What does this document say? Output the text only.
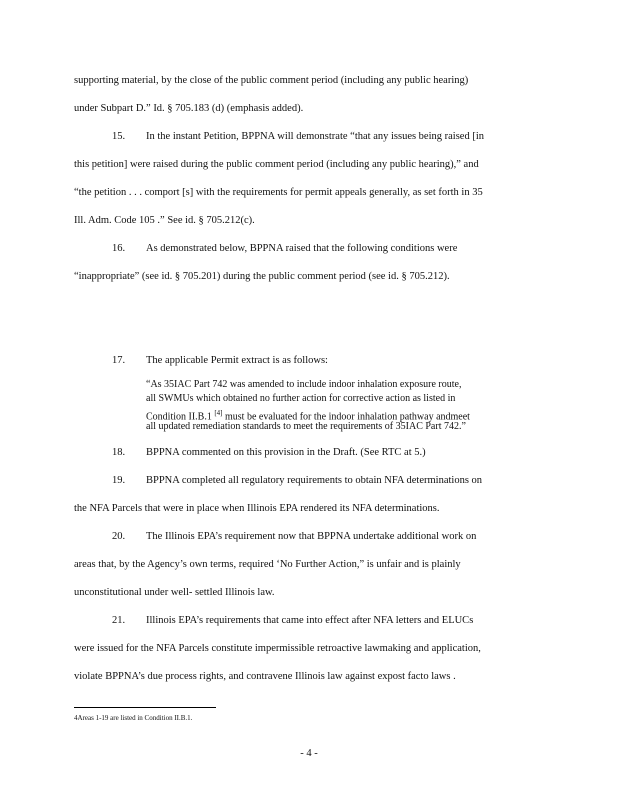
supporting material, by the close of the public comment period (including any public hearing)
under Subpart D.” Id. § 705.183 (d) (emphasis added).
15. In the instant Petition, BPPNA will demonstrate “that any issues being raised [in
this petition] were raised during the public comment period (including any public hearing),” and
“the petition . . . comport [s] with the requirements for permit appeals generally, as set forth in 35
Ill. Adm. Code 105 .” See id. § 705.212(c).
16. As demonstrated below, BPPNA raised that the following conditions were
“inappropriate” (see id. § 705.201) during the public comment period (see id. § 705.212).
17. The applicable Permit extract is as follows:
“As 35IAC Part 742 was amended to include indoor inhalation exposure route,
all SWMUs which obtained no further action for corrective action as listed in
Condition II.B.1 [4] must be evaluated for the indoor inhalation pathway andmeet
all updated remediation standards to meet the requirements of 35IAC Part 742.”
18. BPPNA commented on this provision in the Draft. (See RTC at 5.)
19. BPPNA completed all regulatory requirements to obtain NFA determinations on
the NFA Parcels that were in place when Illinois EPA rendered its NFA determinations.
20. The Illinois EPA’s requirement now that BPPNA undertake additional work on
areas that, by the Agency’s own terms, required ‘No Further Action,” is unfair and is plainly
unconstitutional under well- settled Illinois law.
21. Illinois EPA’s requirements that came into effect after NFA letters and ELUCs
were issued for the NFA Parcels constitute impermissible retroactive lawmaking and application,
violate BPPNA’s due process rights, and contravene Illinois law against expost facto laws .
4Areas 1-19 are listed in Condition II.B.1.
- 4 -
